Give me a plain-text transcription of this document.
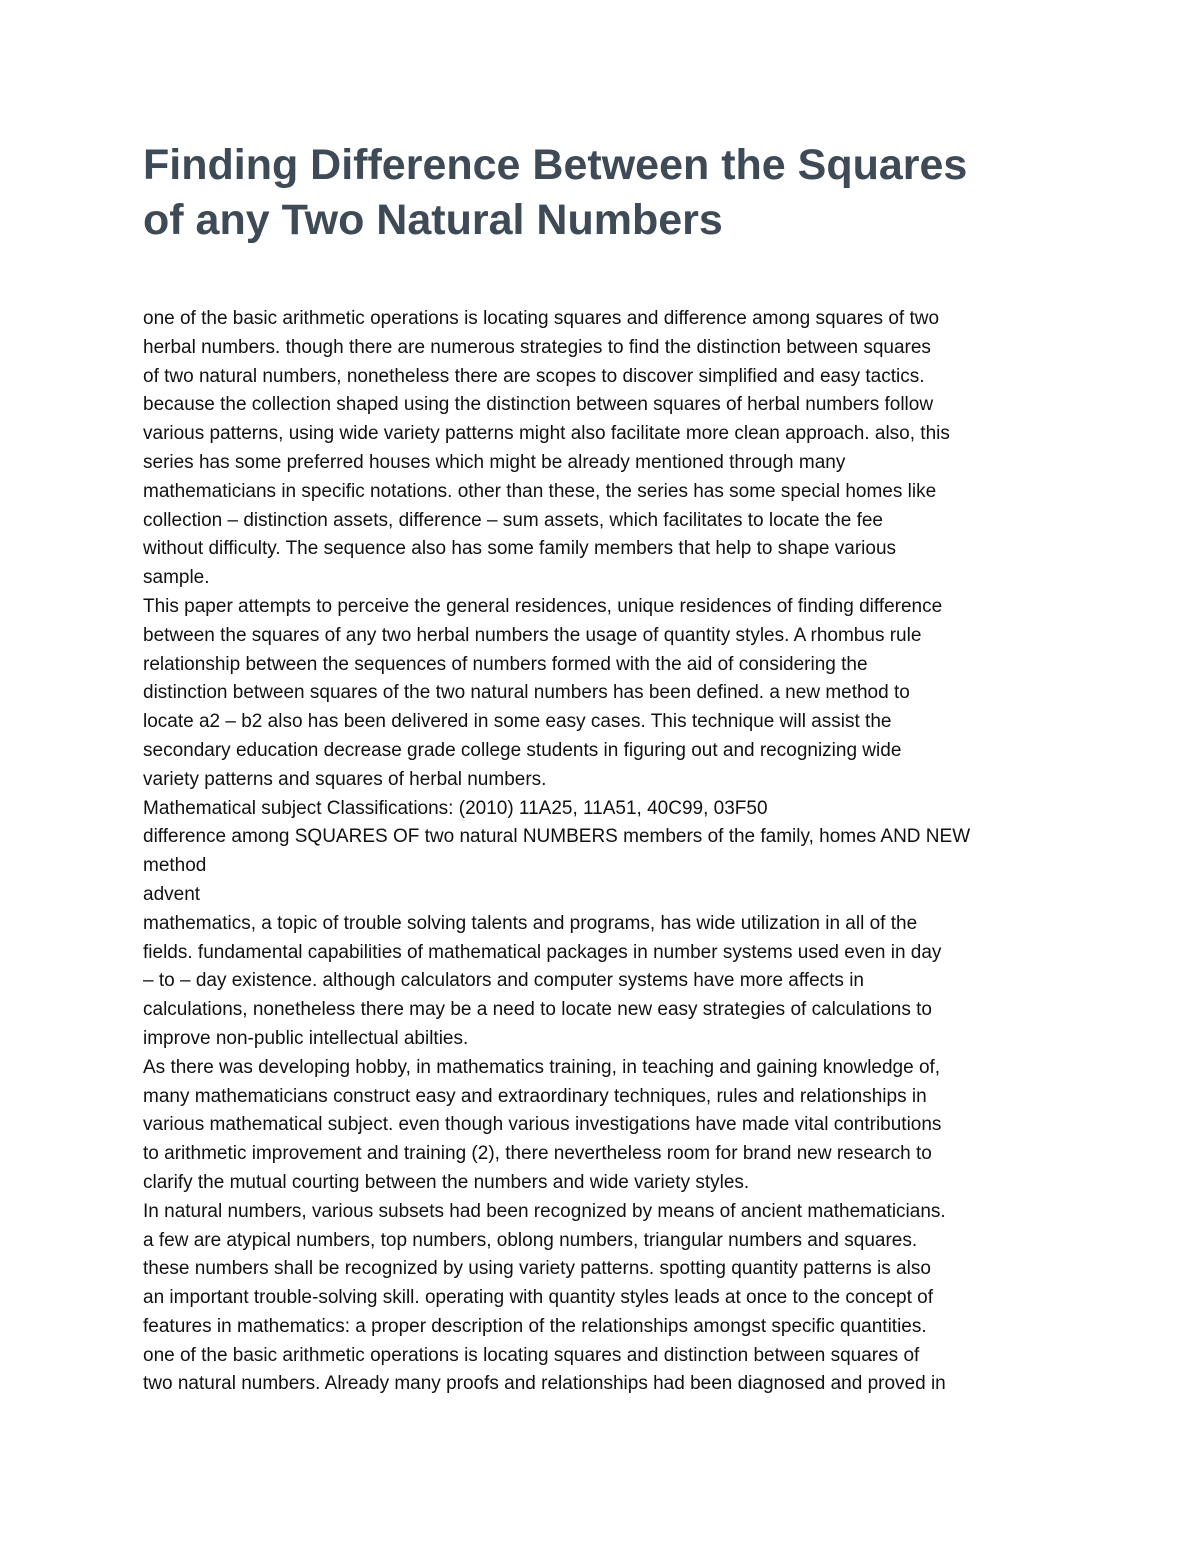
Finding Difference Between the Squares
of any Two Natural Numbers
one of the basic arithmetic operations is locating squares and difference among squares of two
herbal numbers. though there are numerous strategies to find the distinction between squares
of two natural numbers, nonetheless there are scopes to discover simplified and easy tactics.
because the collection shaped using the distinction between squares of herbal numbers follow
various patterns, using wide variety patterns might also facilitate more clean approach. also, this
series has some preferred houses which might be already mentioned through many
mathematicians in specific notations. other than these, the series has some special homes like
collection – distinction assets, difference – sum assets, which facilitates to locate the fee
without difficulty. The sequence also has some family members that help to shape various
sample.
This paper attempts to perceive the general residences, unique residences of finding difference
between the squares of any two herbal numbers the usage of quantity styles. A rhombus rule
relationship between the sequences of numbers formed with the aid of considering the
distinction between squares of the two natural numbers has been defined. a new method to
locate a2 – b2 also has been delivered in some easy cases. This technique will assist the
secondary education decrease grade college students in figuring out and recognizing wide
variety patterns and squares of herbal numbers.
Mathematical subject Classifications: (2010) 11A25, 11A51, 40C99, 03F50
difference among SQUARES OF two natural NUMBERS members of the family, homes AND NEW
method
advent
mathematics, a topic of trouble solving talents and programs, has wide utilization in all of the
fields. fundamental capabilities of mathematical packages in number systems used even in day
– to – day existence. although calculators and computer systems have more affects in
calculations, nonetheless there may be a need to locate new easy strategies of calculations to
improve non-public intellectual abilties.
As there was developing hobby, in mathematics training, in teaching and gaining knowledge of,
many mathematicians construct easy and extraordinary techniques, rules and relationships in
various mathematical subject. even though various investigations have made vital contributions
to arithmetic improvement and training (2), there nevertheless room for brand new research to
clarify the mutual courting between the numbers and wide variety styles.
In natural numbers, various subsets had been recognized by means of ancient mathematicians.
a few are atypical numbers, top numbers, oblong numbers, triangular numbers and squares.
these numbers shall be recognized by using variety patterns. spotting quantity patterns is also
an important trouble-solving skill. operating with quantity styles leads at once to the concept of
features in mathematics: a proper description of the relationships amongst specific quantities.
one of the basic arithmetic operations is locating squares and distinction between squares of
two natural numbers. Already many proofs and relationships had been diagnosed and proved in
